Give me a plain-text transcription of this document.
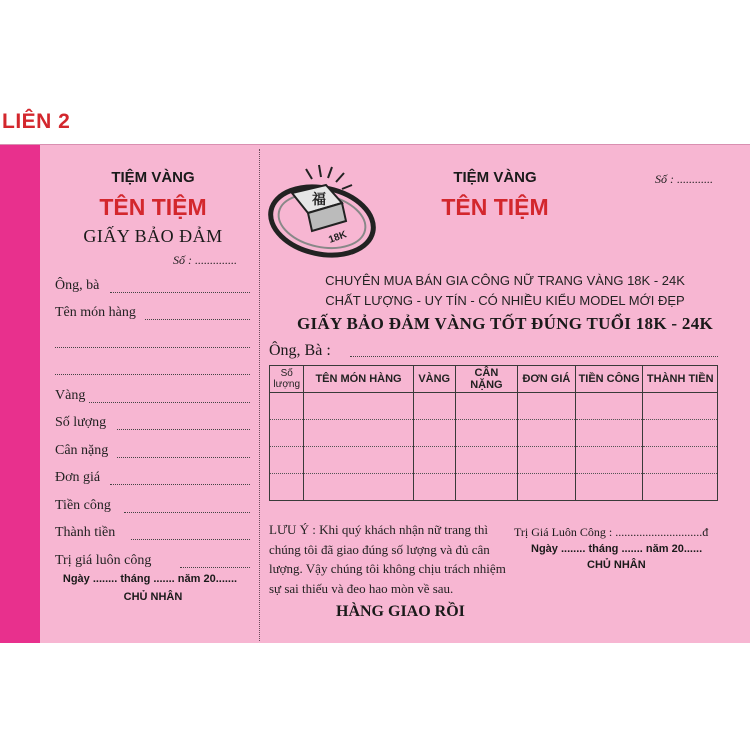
LIÊN 2
TIỆM VÀNG
TÊN TIỆM
GIẤY BẢO ĐẢM
Số : ..............
Ông, bà
Tên món hàng
Vàng
Số lượng
Cân nặng
Đơn giá
Tiền công
Thành tiền
Trị giá luôn công
Ngày ........ tháng ....... năm 20.......
CHỦ NHÂN
福
18K
TIỆM VÀNG
TÊN TIỆM
Số : ............
CHUYÊN MUA BÁN GIA CÔNG NỮ TRANG VÀNG 18K - 24K
CHẤT LƯỢNG - UY TÍN - CÓ NHIỀU KIỂU MODEL MỚI ĐẸP
GIẤY BẢO ĐẢM VÀNG TỐT ĐÚNG TUỔI 18K - 24K
Ông, Bà :
Số lượng	TÊN MÓN HÀNG	VÀNG	CÂN NẶNG	ĐƠN GIÁ	TIỀN CÔNG	THÀNH TIỀN

LƯU Ý : Khi quý khách nhận nữ trang thì chúng tôi đã giao đúng số lượng và đủ cân lượng. Vậy chúng tôi không chịu trách nhiệm sự sai thiếu và đeo hao mòn về sau.
HÀNG GIAO RỒI
Trị Giá Luôn Công : .............................đ
Ngày ........ tháng ....... năm 20......
CHỦ NHÂN
